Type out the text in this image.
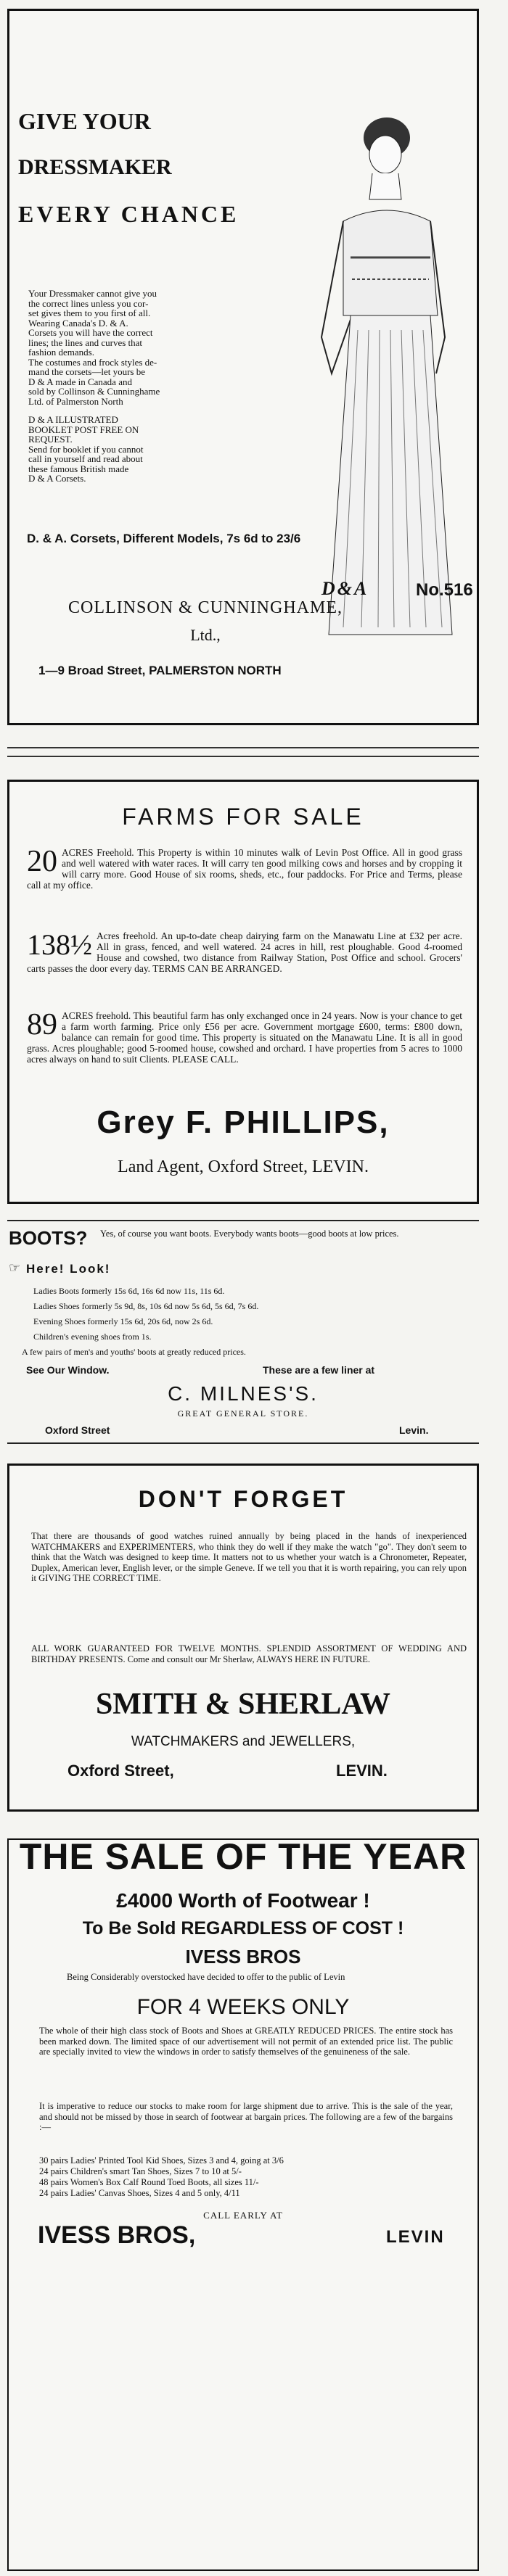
GIVE YOUR
DRESSMAKER
EVERY CHANCE
No.516
D&A

Your Dressmaker cannot give you

the correct lines unless you cor-

set gives them to you first of all.

Wearing Canada's D. & A.

Corsets you will have the correct

lines; the lines and curves that

fashion demands.

The costumes and frock styles de-

mand the corsets—let yours be

D & A made in Canada and

sold by Collinson & Cunninghame

Ltd. of Palmerston North

D & A ILLUSTRATED

BOOKLET POST FREE ON

REQUEST.

Send for booklet if you cannot

call in yourself and read about

these famous British made

D & A Corsets.

D. & A. Corsets, Different Models, 7s 6d to 23/6
COLLINSON & CUNNINGHAME,
Ltd.,
1—9 Broad Street, PALMERSTON NORTH
FARMS FOR SALE
20 ACRES Freehold. This Property is within 10 minutes walk of Levin Post Office. All in good grass and well watered with water races. It will carry ten good milking cows and horses and by cropping it will carry more. Good House of six rooms, sheds, etc., four paddocks. For Price and Terms, please call at my office.
138½ Acres freehold. An up-to-date cheap dairying farm on the Manawatu Line at £32 per acre. All in grass, fenced, and well watered. 24 acres in hill, rest ploughable. Good 4-roomed House and cowshed, two distance from Railway Station, Post Office and school. Grocers' carts passes the door every day. TERMS CAN BE ARRANGED.
89 ACRES freehold. This beautiful farm has only exchanged once in 24 years. Now is your chance to get a farm worth farming. Price only £56 per acre. Government mortgage £600, terms: £800 down, balance can remain for good time. This property is situated on the Manawatu Line. It is all in good grass. Acres ploughable; good 5-roomed house, cowshed and orchard. I have properties from 5 acres to 1000 acres always on hand to suit Clients. PLEASE CALL.
Grey F. PHILLIPS,
Land Agent, Oxford Street, LEVIN.
BOOTS? Yes, of course you want boots. Everybody wants boots—good boots at low prices.
Here! Look!
☞

Ladies Boots formerly 15s 6d, 16s 6d now 11s, 11s 6d.

Ladies Shoes formerly 5s 9d, 8s, 10s 6d now 5s 6d, 5s 6d, 7s 6d.

Evening Shoes formerly 15s 6d, 20s 6d, now 2s 6d.

Children's evening shoes from 1s.

A few pairs of men's and youths' boots at greatly reduced prices.

See Our Window.	These are a few liner at
C. MILNES'S.
GREAT GENERAL STORE.
Oxford Street	Levin.
DON'T FORGET
That there are thousands of good watches ruined annually by being placed in the hands of inexperienced WATCHMAKERS and EXPERIMENTERS, who think they do well if they make the watch "go". They don't seem to think that the Watch was designed to keep time. It matters not to us whether your watch is a Chronometer, Repeater, Duplex, American lever, English lever, or the simple Geneve. If we tell you that it is worth repairing, you can rely upon it GIVING THE CORRECT TIME.
ALL WORK GUARANTEED FOR TWELVE MONTHS. SPLENDID ASSORTMENT OF WEDDING AND BIRTHDAY PRESENTS. Come and consult our Mr Sherlaw, ALWAYS HERE IN FUTURE.
SMITH & SHERLAW
WATCHMAKERS and JEWELLERS,
Oxford Street,	LEVIN.
THE SALE OF THE YEAR
£4000 Worth of Footwear !
To Be Sold REGARDLESS OF COST !
IVESS BROS
Being Considerably overstocked have decided to offer to the public of Levin
FOR 4 WEEKS ONLY
The whole of their high class stock of Boots and Shoes at GREATLY REDUCED PRICES. The entire stock has been marked down. The limited space of our advertisement will not permit of an extended price list. The public are specially invited to view the windows in order to satisfy themselves of the genuineness of the sale.
It is imperative to reduce our stocks to make room for large shipment due to arrive. This is the sale of the year, and should not be missed by those in search of footwear at bargain prices. The following are a few of the bargains :—

30 pairs Ladies' Printed Tool Kid Shoes, Sizes 3 and 4, going at 3/6

24 pairs Children's smart Tan Shoes, Sizes 7 to 10 at 5/-

48 pairs Women's Box Calf Round Toed Boots, all sizes 11/-

24 pairs Ladies' Canvas Shoes, Sizes 4 and 5 only, 4/11

CALL EARLY AT
IVESS BROS,	LEVIN
